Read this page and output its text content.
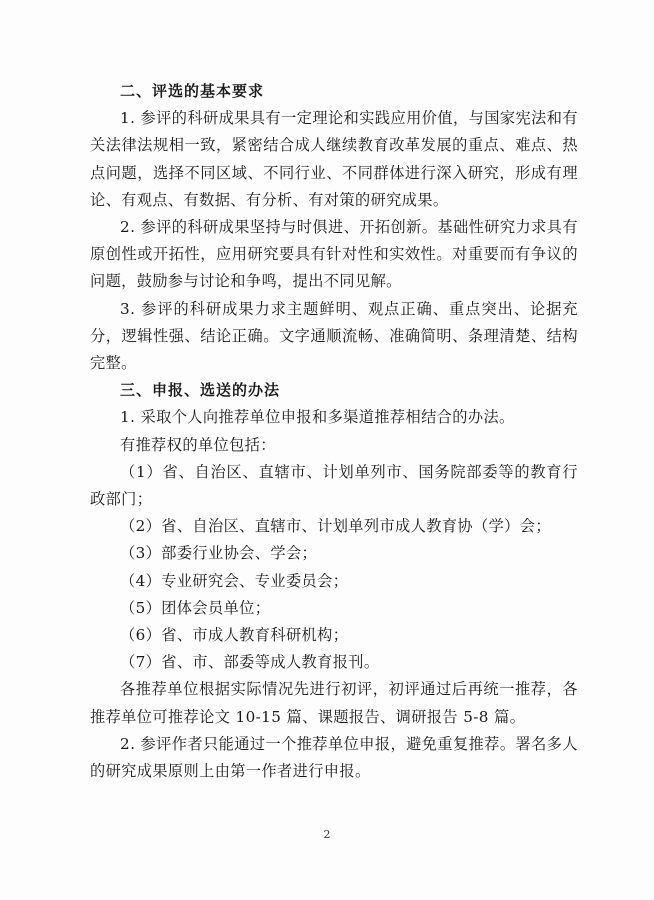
二、评选的基本要求

1. 参评的科研成果具有一定理论和实践应用价值，与国家宪法和有关法律法规相一致，紧密结合成人继续教育改革发展的重点、难点、热点问题，选择不同区域、不同行业、不同群体进行深入研究，形成有理论、有观点、有数据、有分析、有对策的研究成果。

2. 参评的科研成果坚持与时俱进、开拓创新。基础性研究力求具有原创性或开拓性，应用研究要具有针对性和实效性。对重要而有争议的问题，鼓励参与讨论和争鸣，提出不同见解。

3. 参评的科研成果力求主题鲜明、观点正确、重点突出、论据充分，逻辑性强、结论正确。文字通顺流畅、准确简明、条理清楚、结构完整。

三、申报、选送的办法

1. 采取个人向推荐单位申报和多渠道推荐相结合的办法。

有推荐权的单位包括：

（1）省、自治区、直辖市、计划单列市、国务院部委等的教育行政部门；

（2）省、自治区、直辖市、计划单列市成人教育协（学）会；

（3）部委行业协会、学会；

（4）专业研究会、专业委员会；

（5）团体会员单位；

（6）省、市成人教育科研机构；

（7）省、市、部委等成人教育报刊。

各推荐单位根据实际情况先进行初评，初评通过后再统一推荐，各推荐单位可推荐论文 10-15 篇、课题报告、调研报告 5-8 篇。

2. 参评作者只能通过一个推荐单位申报，避免重复推荐。署名多人的研究成果原则上由第一作者进行申报。

2
